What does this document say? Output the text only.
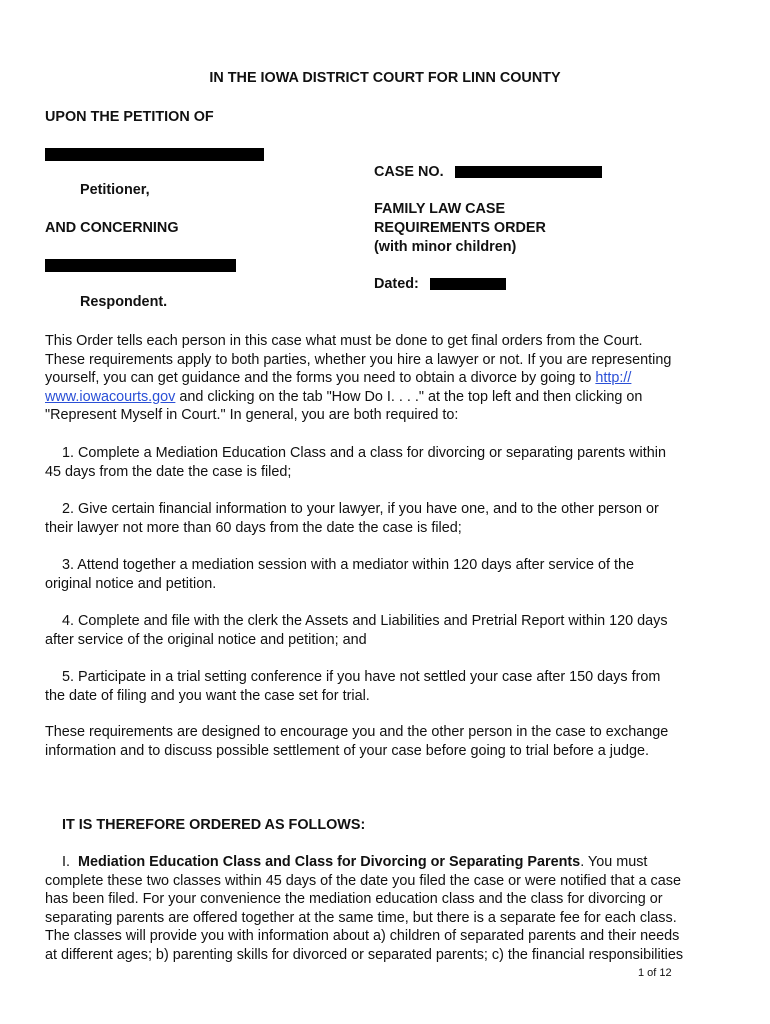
IN THE IOWA DISTRICT COURT FOR LINN COUNTY
UPON THE PETITION OF
Petitioner,
AND CONCERNING
Respondent.
CASE NO.
FAMILY LAW CASE
REQUIREMENTS ORDER
(with minor children)
Dated:

This Order tells each person in this case what must be done to get final orders from the Court.

These requirements apply to both parties, whether you hire a lawyer or not. If you are representing

yourself, you can get guidance and the forms you need to obtain a divorce by going to http://

www.iowacourts.gov and clicking on the tab "How Do I. . . ." at the top left and then clicking on

"Represent Myself in Court." In general, you are both required to:

1. Complete a Mediation Education Class and a class for divorcing or separating parents within
45 days from the date the case is filed;
2. Give certain financial information to your lawyer, if you have one, and to the other person or
their lawyer not more than 60 days from the date the case is filed;
3. Attend together a mediation session with a mediator within 120 days after service of the
original notice and petition.
4. Complete and file with the clerk the Assets and Liabilities and Pretrial Report within 120 days
after service of the original notice and petition; and
5. Participate in a trial setting conference if you have not settled your case after 150 days from
the date of filing and you want the case set for trial.

These requirements are designed to encourage you and the other person in the case to exchange

information and to discuss possible settlement of your case before going to trial before a judge.

IT IS THEREFORE ORDERED AS FOLLOWS:

I. Mediation Education Class and Class for Divorcing or Separating Parents. You must

complete these two classes within 45 days of the date you filed the case or were notified that a case

has been filed. For your convenience the mediation education class and the class for divorcing or

separating parents are offered together at the same time, but there is a separate fee for each class.

The classes will provide you with information about a) children of separated parents and their needs

at different ages; b) parenting skills for divorced or separated parents; c) the financial responsibilities

1 of 12
